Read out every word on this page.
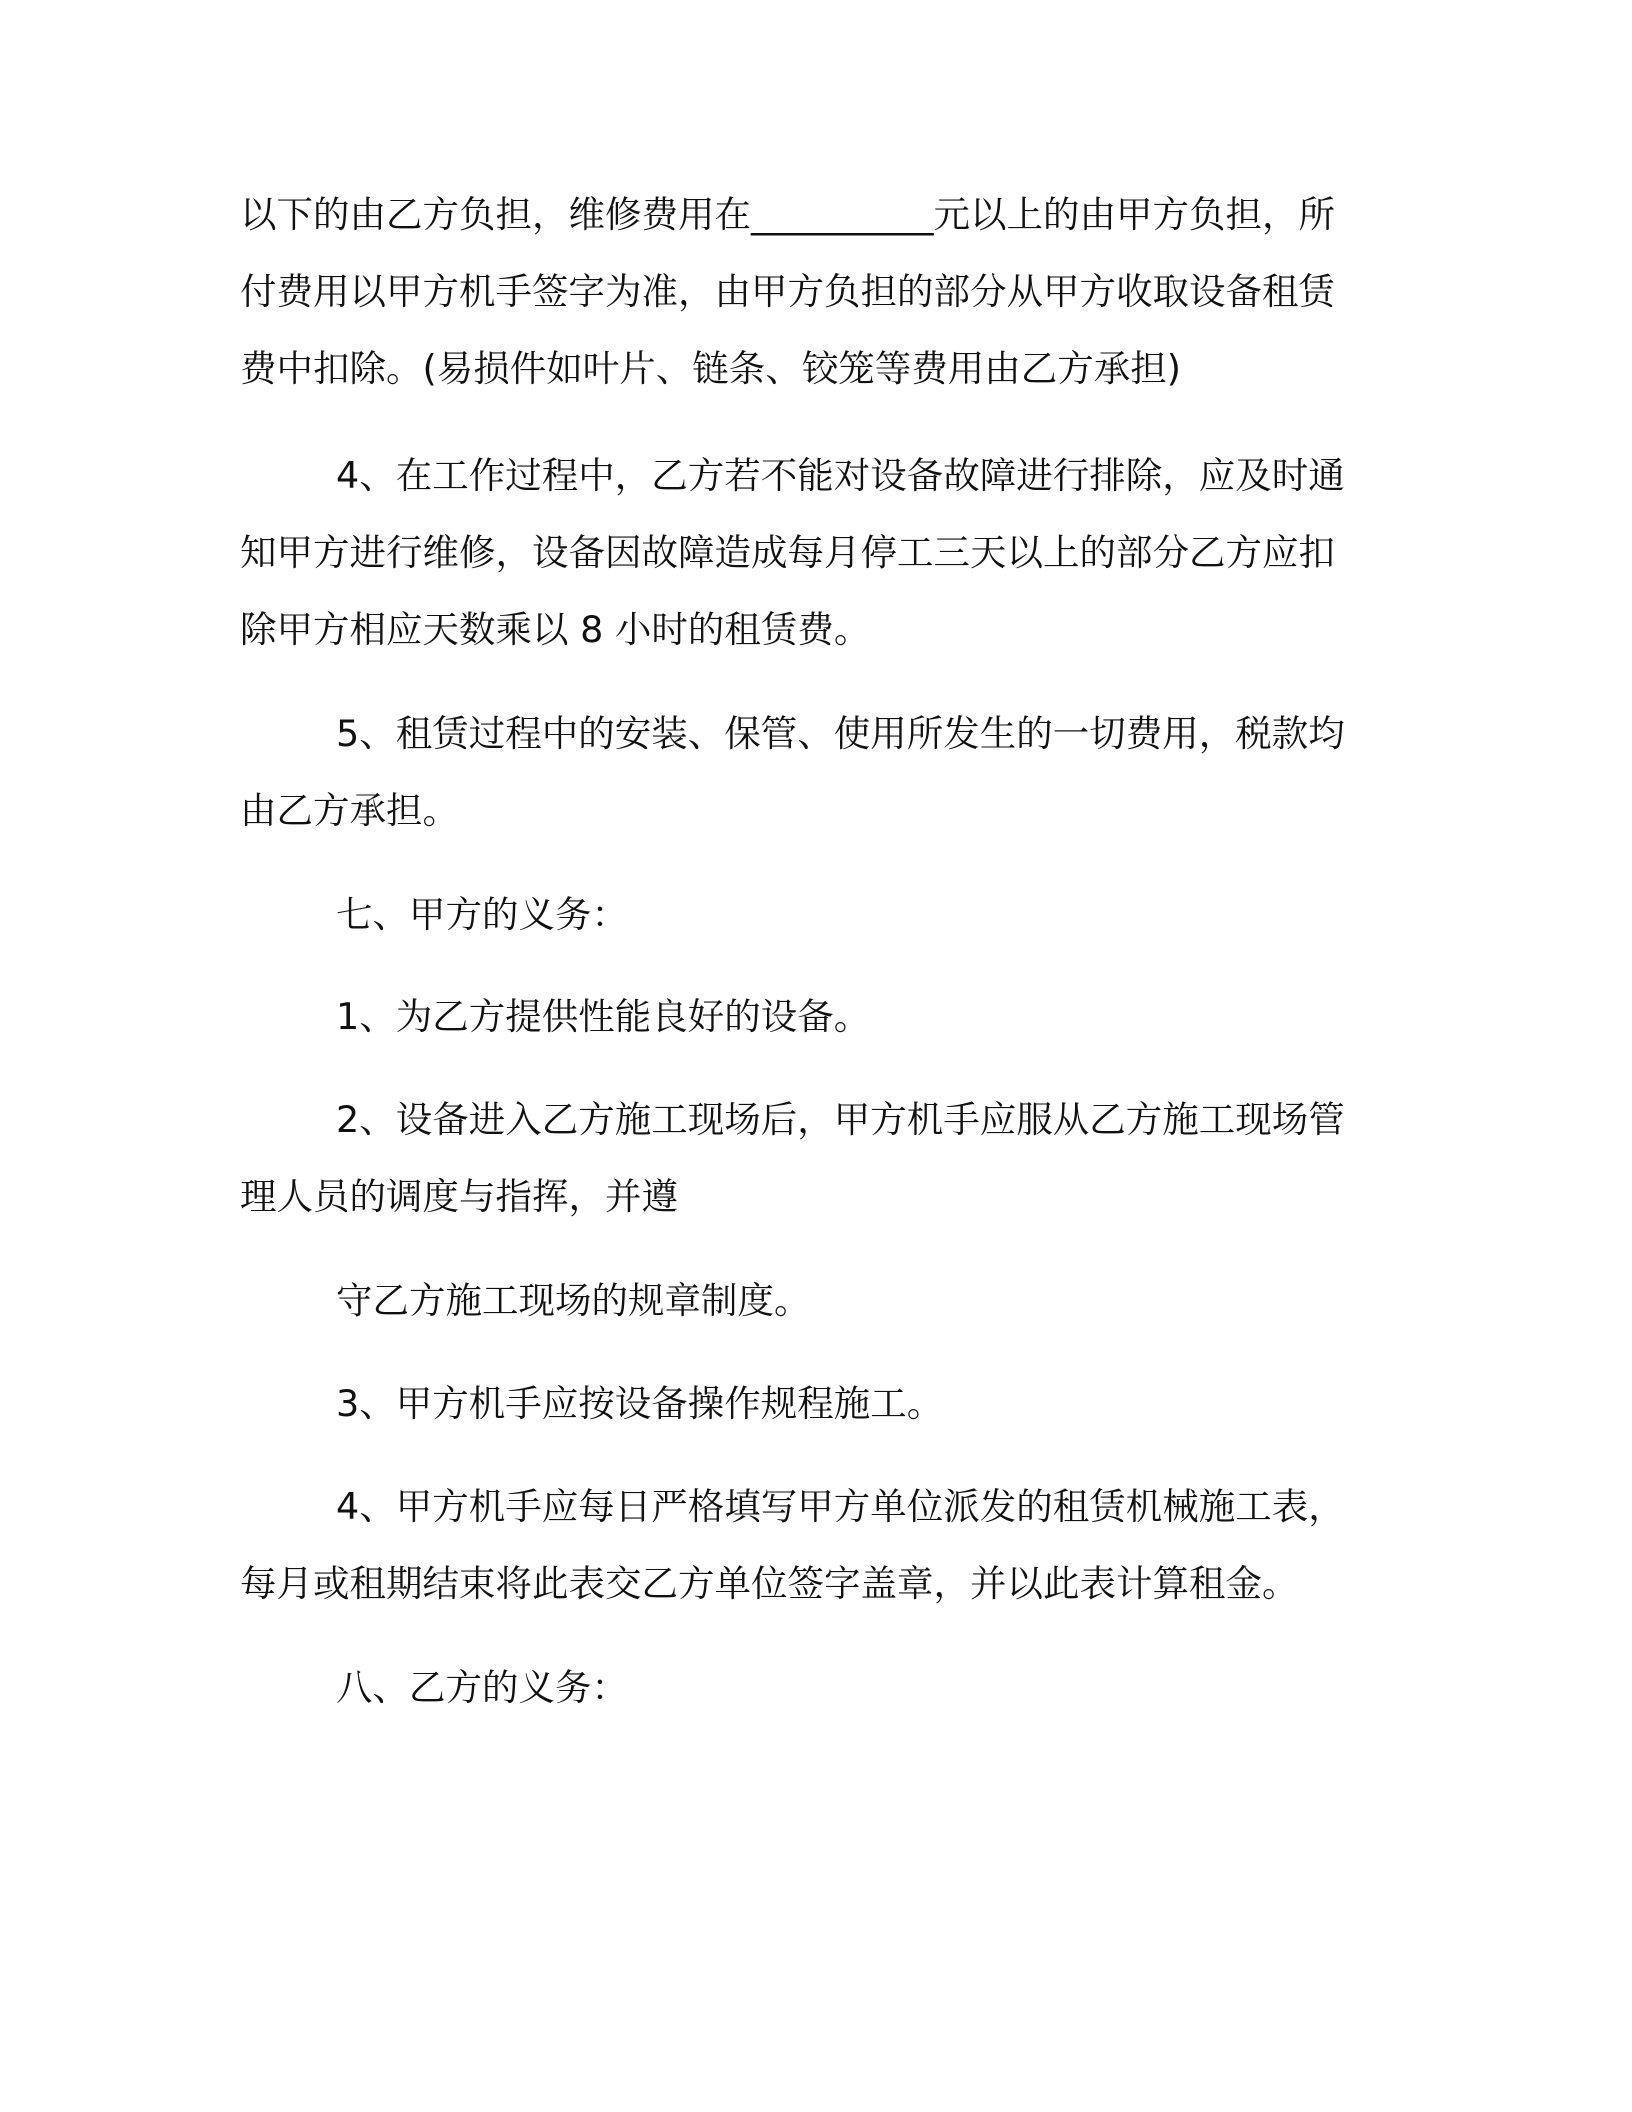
以下的由乙方负担，维修费用在__________元以上的由甲方负担，所
付费用以甲方机手签字为准，由甲方负担的部分从甲方收取设备租赁
费中扣除。(易损件如叶片、链条、铰笼等费用由乙方承担)
4、在工作过程中，乙方若不能对设备故障进行排除，应及时通
知甲方进行维修，设备因故障造成每月停工三天以上的部分乙方应扣
除甲方相应天数乘以 8 小时的租赁费。
5、租赁过程中的安装、保管、使用所发生的一切费用，税款均
由乙方承担。
七、甲方的义务：
1、为乙方提供性能良好的设备。
2、设备进入乙方施工现场后，甲方机手应服从乙方施工现场管
理人员的调度与指挥，并遵
守乙方施工现场的规章制度。
3、甲方机手应按设备操作规程施工。
4、甲方机手应每日严格填写甲方单位派发的租赁机械施工表，
每月或租期结束将此表交乙方单位签字盖章，并以此表计算租金。
八、乙方的义务：
